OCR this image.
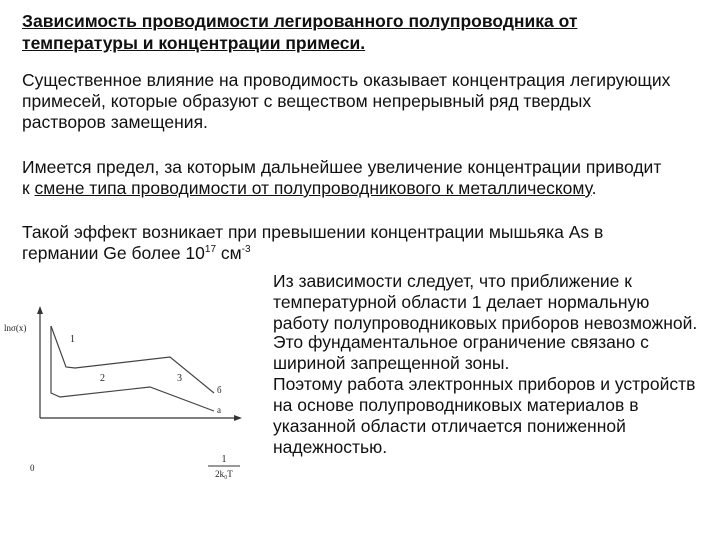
Зависимость проводимости легированного полупроводника от
температуры и концентрации примеси.
Существенное влияние на проводимость оказывает концентрация легирующих
примесей, которые образуют с веществом непрерывный ряд твердых
растворов замещения.
Имеется предел, за которым дальнейшее увеличение концентрации приводит
к смене типа проводимости от полупроводникового к металлическому.
Такой эффект возникает при превышении концентрации мышьяка As в
германии Ge более $10^{17}$ $см^{-3}$
Из зависимости следует, что приближение к
температурной области 1 делает нормальную
работу полупроводниковых приборов невозможной.
Это фундаментальное ограничение связано с
шириной запрещенной зоны.
Поэтому работа электронных приборов и устройств
на основе полупроводниковых материалов в
указанной области отличается пониженной
надежностью.
lnσ(x)
0
1
2	3
б
а
1
2k₀T
